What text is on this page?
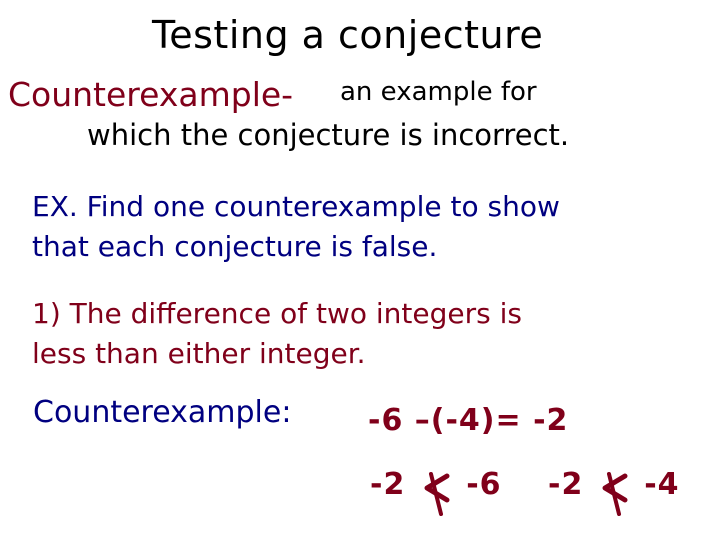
Testing a conjecture
Counterexample- an example for
which the conjecture is incorrect.
EX. Find one counterexample to show
that each conjecture is false.
1) The difference of two integers is
less than either integer.
Counterexample:	-6 –(-4)= -2
-2 -6 -2 -4
